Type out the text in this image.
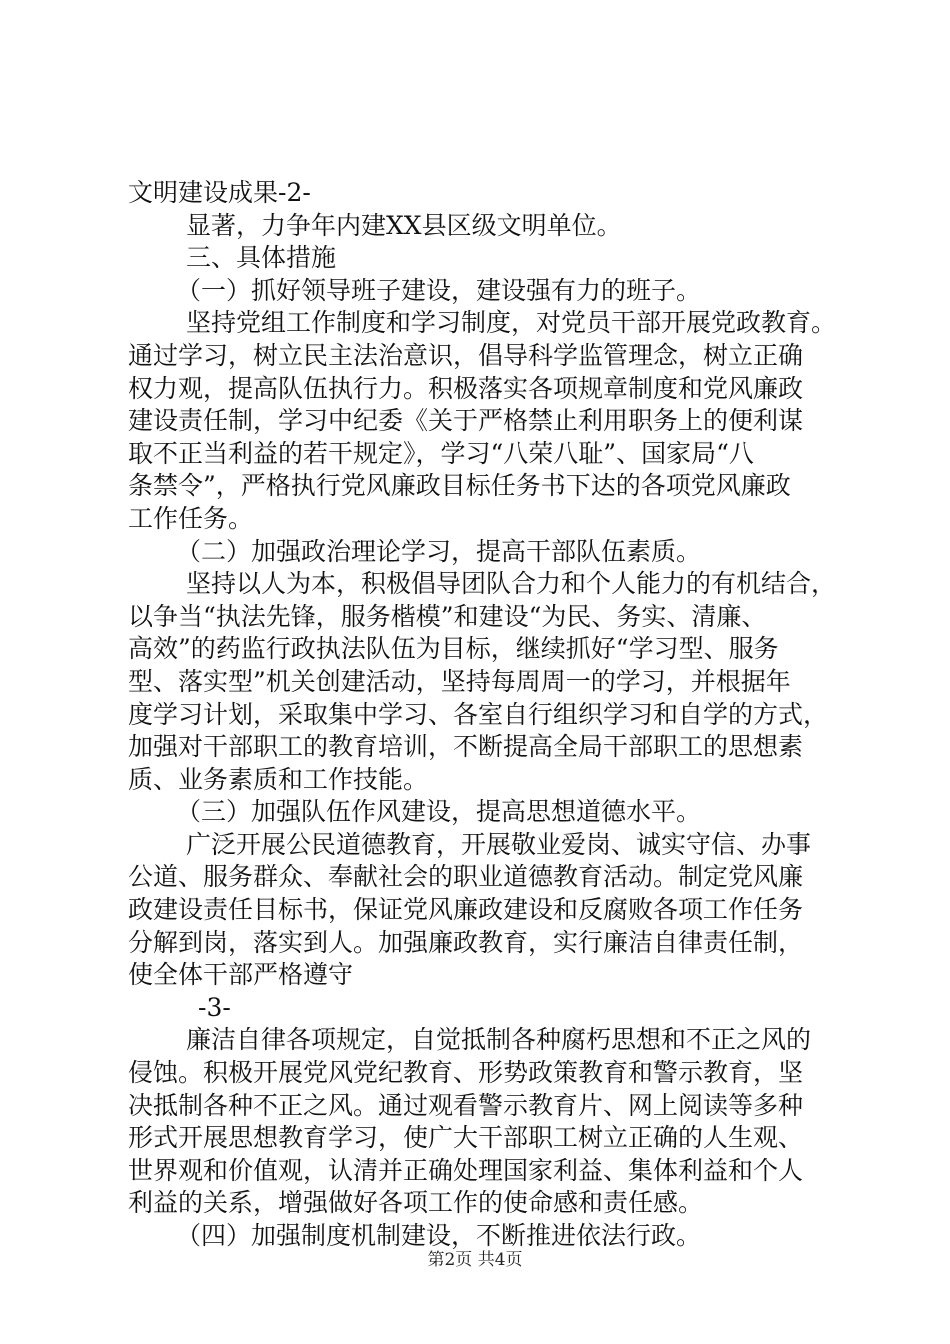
文明建设成果-2-
显著，力争年内建XX县区级文明单位。
三、具体措施
（一）抓好领导班子建设，建设强有力的班子。
坚持党组工作制度和学习制度，对党员干部开展党政教育。
通过学习，树立民主法治意识，倡导科学监管理念，树立正确
权力观，提高队伍执行力。积极落实各项规章制度和党风廉政
建设责任制，学习中纪委《关于严格禁止利用职务上的便利谋
取不正当利益的若干规定》，学习“八荣八耻”、国家局“八
条禁令”，严格执行党风廉政目标任务书下达的各项党风廉政
工作任务。
（二）加强政治理论学习，提高干部队伍素质。
坚持以人为本，积极倡导团队合力和个人能力的有机结合，
以争当“执法先锋，服务楷模”和建设“为民、务实、清廉、
高效”的药监行政执法队伍为目标，继续抓好“学习型、服务
型、落实型”机关创建活动，坚持每周周一的学习，并根据年
度学习计划，采取集中学习、各室自行组织学习和自学的方式，
加强对干部职工的教育培训，不断提高全局干部职工的思想素
质、业务素质和工作技能。
（三）加强队伍作风建设，提高思想道德水平。
广泛开展公民道德教育，开展敬业爱岗、诚实守信、办事
公道、服务群众、奉献社会的职业道德教育活动。制定党风廉
政建设责任目标书，保证党风廉政建设和反腐败各项工作任务
分解到岗，落实到人。加强廉政教育，实行廉洁自律责任制，
使全体干部严格遵守
-3-
廉洁自律各项规定，自觉抵制各种腐朽思想和不正之风的
侵蚀。积极开展党风党纪教育、形势政策教育和警示教育，坚
决抵制各种不正之风。通过观看警示教育片、网上阅读等多种
形式开展思想教育学习，使广大干部职工树立正确的人生观、
世界观和价值观，认清并正确处理国家利益、集体利益和个人
利益的关系，增强做好各项工作的使命感和责任感。
（四）加强制度机制建设，不断推进依法行政。
第2页 共4页
